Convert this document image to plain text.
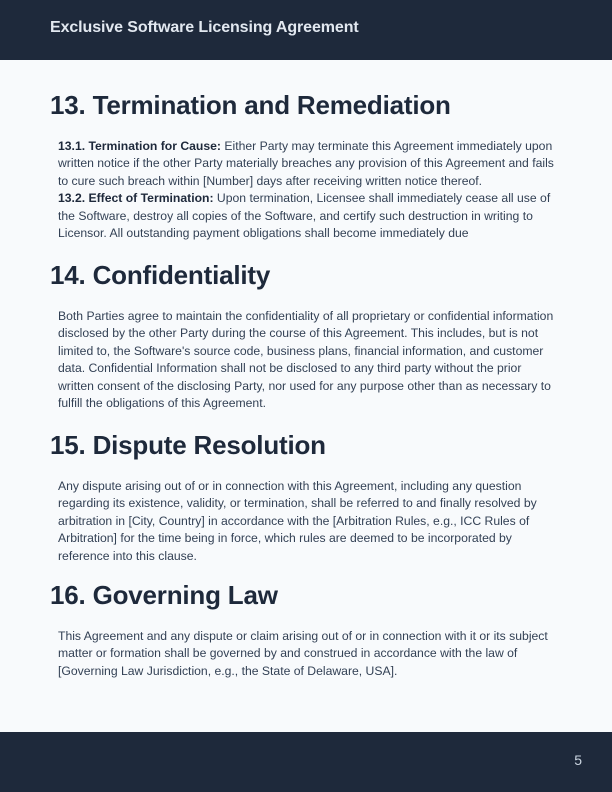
Exclusive Software Licensing Agreement
13. Termination and Remediation

13.1. Termination for Cause: Either Party may terminate this Agreement immediately upon written notice if the other Party materially breaches any provision of this Agreement and fails to cure such breach within [Number] days after receiving written notice thereof.

13.2. Effect of Termination: Upon termination, Licensee shall immediately cease all use of the Software, destroy all copies of the Software, and certify such destruction in writing to Licensor. All outstanding payment obligations shall become immediately due

14. Confidentiality

Both Parties agree to maintain the confidentiality of all proprietary or confidential information disclosed by the other Party during the course of this Agreement. This includes, but is not limited to, the Software's source code, business plans, financial information, and customer data. Confidential Information shall not be disclosed to any third party without the prior written consent of the disclosing Party, nor used for any purpose other than as necessary to fulfill the obligations of this Agreement.

15. Dispute Resolution

Any dispute arising out of or in connection with this Agreement, including any question regarding its existence, validity, or termination, shall be referred to and finally resolved by arbitration in [City, Country] in accordance with the [Arbitration Rules, e.g., ICC Rules of Arbitration] for the time being in force, which rules are deemed to be incorporated by reference into this clause.

16. Governing Law

This Agreement and any dispute or claim arising out of or in connection with it or its subject matter or formation shall be governed by and construed in accordance with the law of [Governing Law Jurisdiction, e.g., the State of Delaware, USA].

5
